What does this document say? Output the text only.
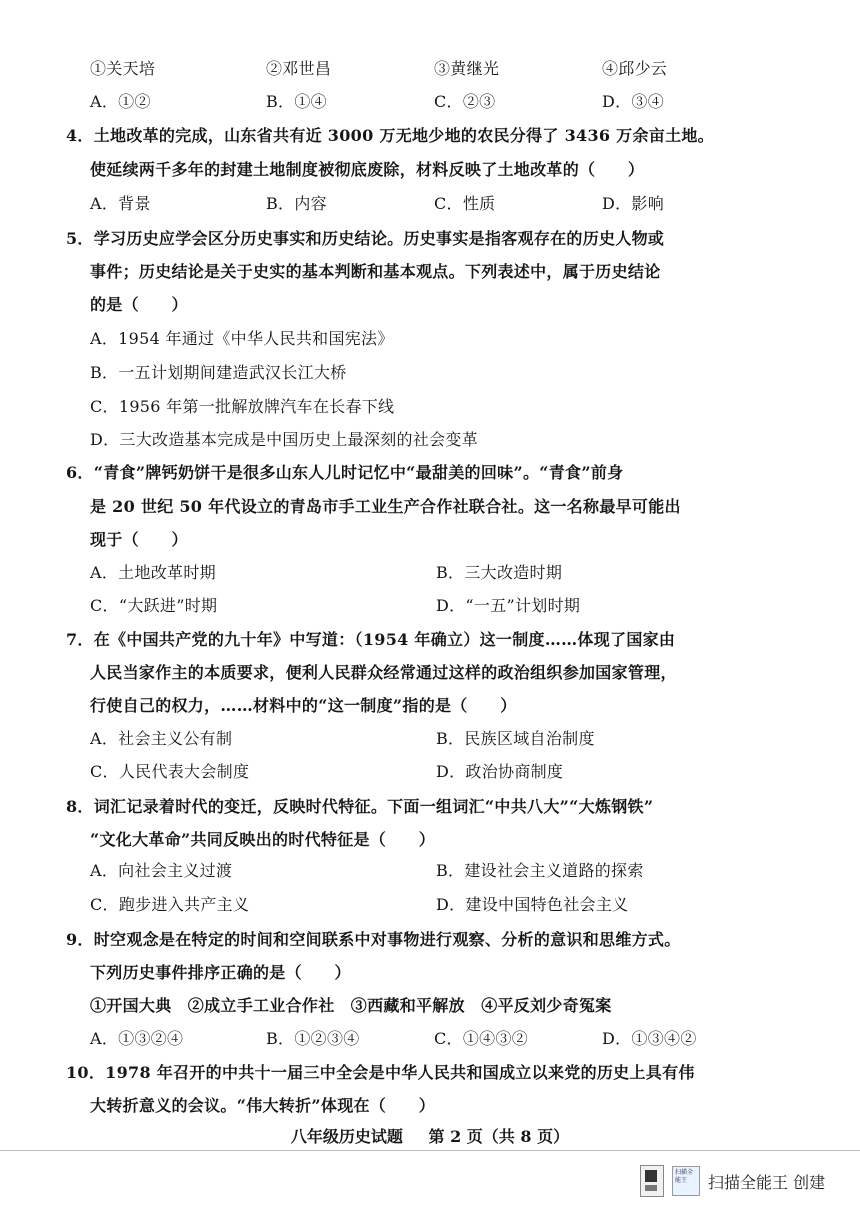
①关天培	②邓世昌	③黄继光	④邱少云
A．①②	B．①④	C．②③	D．③④
4．土地改革的完成，山东省共有近 3000 万无地少地的农民分得了 3436 万余亩土地。
使延续两千多年的封建土地制度被彻底废除，材料反映了土地改革的（　　）
A．背景	B．内容	C．性质	D．影响
5．学习历史应学会区分历史事实和历史结论。历史事实是指客观存在的历史人物或
事件；历史结论是关于史实的基本判断和基本观点。下列表述中，属于历史结论
的是（　　）
A．1954 年通过《中华人民共和国宪法》
B．一五计划期间建造武汉长江大桥
C．1956 年第一批解放牌汽车在长春下线
D．三大改造基本完成是中国历史上最深刻的社会变革
6．“青食”牌钙奶饼干是很多山东人儿时记忆中“最甜美的回味”。“青食”前身
是 20 世纪 50 年代设立的青岛市手工业生产合作社联合社。这一名称最早可能出
现于（　　）
A．土地改革时期	B．三大改造时期
C．“大跃进”时期	D．“一五”计划时期
7．在《中国共产党的九十年》中写道：（1954 年确立）这一制度……体现了国家由
人民当家作主的本质要求，便利人民群众经常通过这样的政治组织参加国家管理，
行使自己的权力，……材料中的“这一制度”指的是（　　）
A．社会主义公有制	B．民族区域自治制度
C．人民代表大会制度	D．政治协商制度
8．词汇记录着时代的变迁，反映时代特征。下面一组词汇“中共八大”“大炼钢铁”
“文化大革命”共同反映出的时代特征是（　　）
A．向社会主义过渡	B．建设社会主义道路的探索
C．跑步进入共产主义	D．建设中国特色社会主义
9．时空观念是在特定的时间和空间联系中对事物进行观察、分析的意识和思维方式。
下列历史事件排序正确的是（　　）
①开国大典　②成立手工业合作社　③西藏和平解放　④平反刘少奇冤案
A．①③②④	B．①②③④	C．①④③②	D．①③④②
10．1978 年召开的中共十一届三中全会是中华人民共和国成立以来党的历史上具有伟
大转折意义的会议。“伟大转折”体现在（　　）
八年级历史试题 第 2 页（共 8 页）
扫描全能王	扫描全能王 创建
